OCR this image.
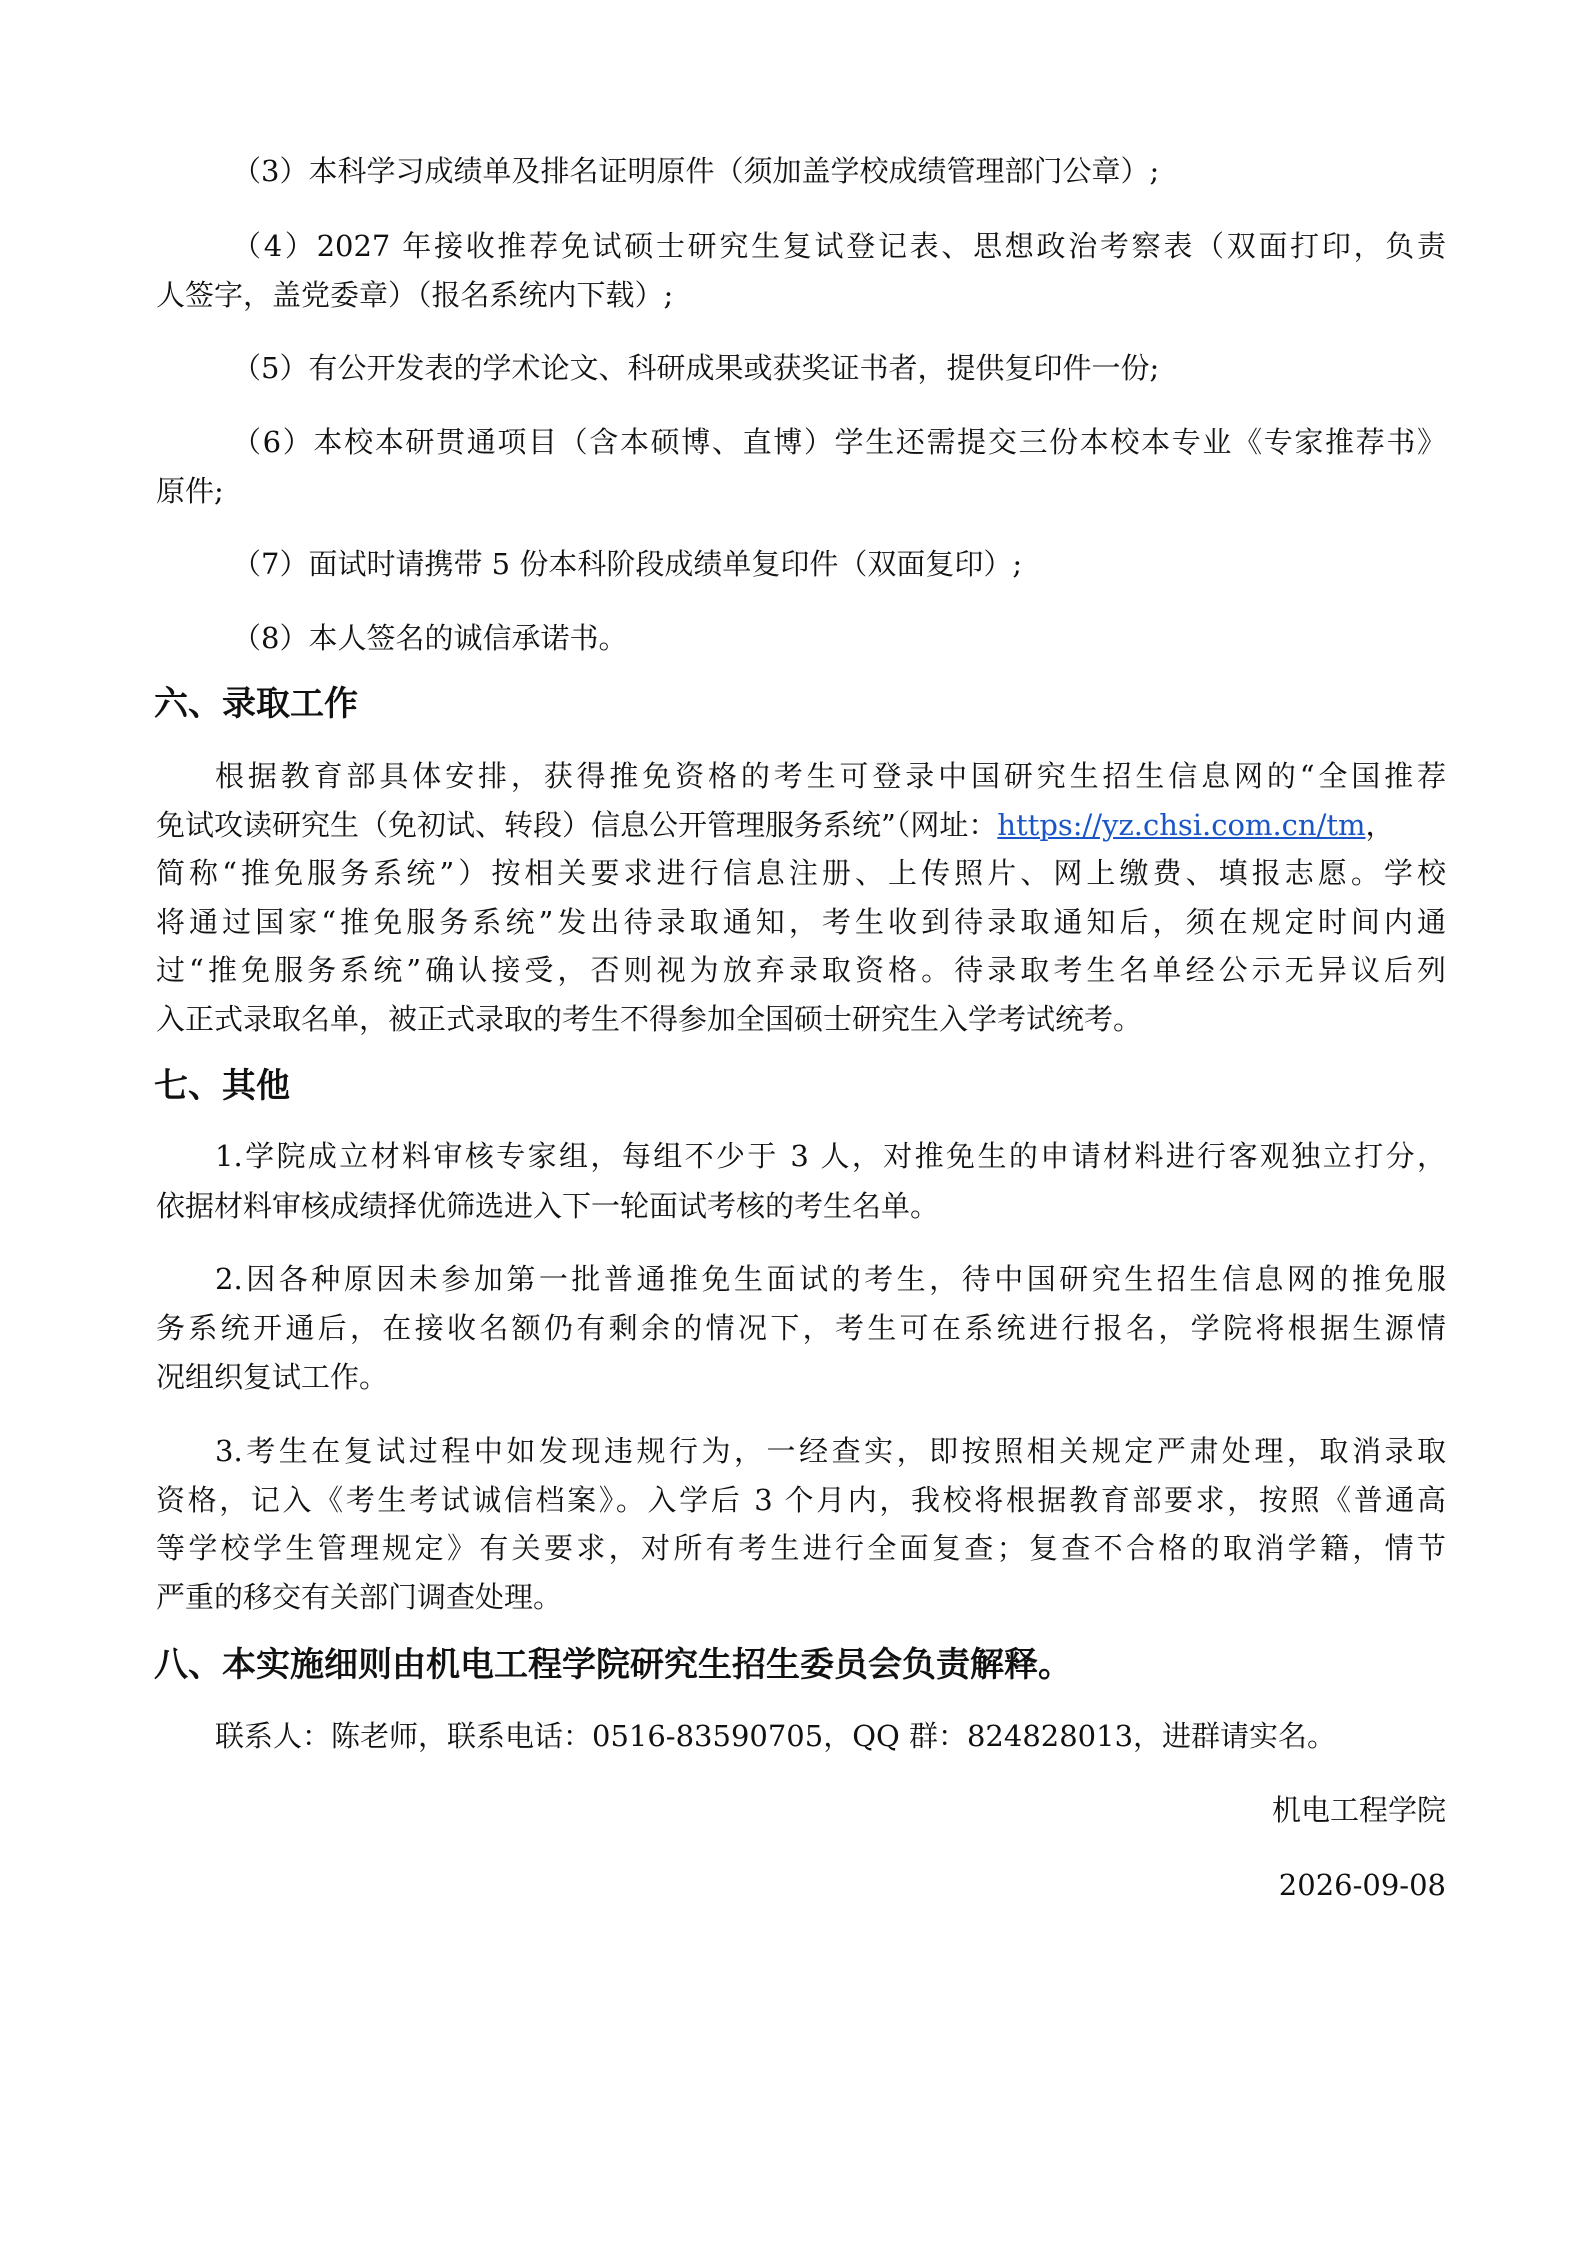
（3）本科学习成绩单及排名证明原件（须加盖学校成绩管理部门公章）;
（4）2027 年接收推荐免试硕士研究生复试登记表、思想政治考察表（双面打印，负责
人签字，盖党委章）（报名系统内下载）;
（5）有公开发表的学术论文、科研成果或获奖证书者，提供复印件一份;
（6）本校本研贯通项目（含本硕博、直博）学生还需提交三份本校本专业《专家推荐书》
原件;
（7）面试时请携带 5 份本科阶段成绩单复印件（双面复印）;
（8）本人签名的诚信承诺书。
六、录取工作
根据教育部具体安排，获得推免资格的考生可登录中国研究生招生信息网的“全国推荐
免试攻读研究生（免初试、转段）信息公开管理服务系统”（网址：https://yz.chsi.com.cn/tm，
简称“推免服务系统”）按相关要求进行信息注册、上传照片、网上缴费、填报志愿。学校
将通过国家“推免服务系统”发出待录取通知，考生收到待录取通知后，须在规定时间内通
过“推免服务系统”确认接受，否则视为放弃录取资格。待录取考生名单经公示无异议后列
入正式录取名单，被正式录取的考生不得参加全国硕士研究生入学考试统考。
七、其他
1.学院成立材料审核专家组，每组不少于 3 人，对推免生的申请材料进行客观独立打分，
依据材料审核成绩择优筛选进入下一轮面试考核的考生名单。
2.因各种原因未参加第一批普通推免生面试的考生，待中国研究生招生信息网的推免服
务系统开通后，在接收名额仍有剩余的情况下，考生可在系统进行报名，学院将根据生源情
况组织复试工作。
3.考生在复试过程中如发现违规行为，一经查实，即按照相关规定严肃处理，取消录取
资格，记入《考生考试诚信档案》。入学后 3 个月内，我校将根据教育部要求，按照《普通高
等学校学生管理规定》有关要求，对所有考生进行全面复查；复查不合格的取消学籍，情节
严重的移交有关部门调查处理。
八、本实施细则由机电工程学院研究生招生委员会负责解释。
联系人：陈老师，联系电话：0516-83590705，QQ 群：824828013，进群请实名。
机电工程学院
2026-09-08
